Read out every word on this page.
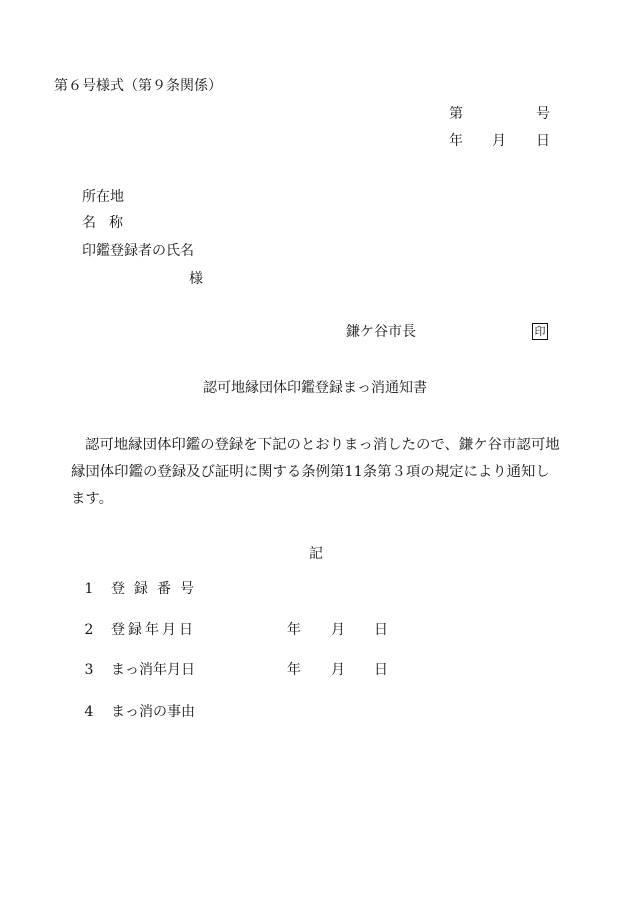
第６号様式（第９条関係）
第	号
年 月 日
所在地
名称
印鑑登録者の氏名
様
鎌ケ谷市長	印
認可地縁団体印鑑登録まっ消通知書
認可地縁団体印鑑の登録を下記のとおりまっ消したので、鎌ケ谷市認可地縁団体印鑑の登録及び証明に関する条例第11条第３項の規定により通知します。
記
1 登録番号
2 登録年月日	年 月 日
3 まっ消年月日	年 月 日
4 まっ消の事由
